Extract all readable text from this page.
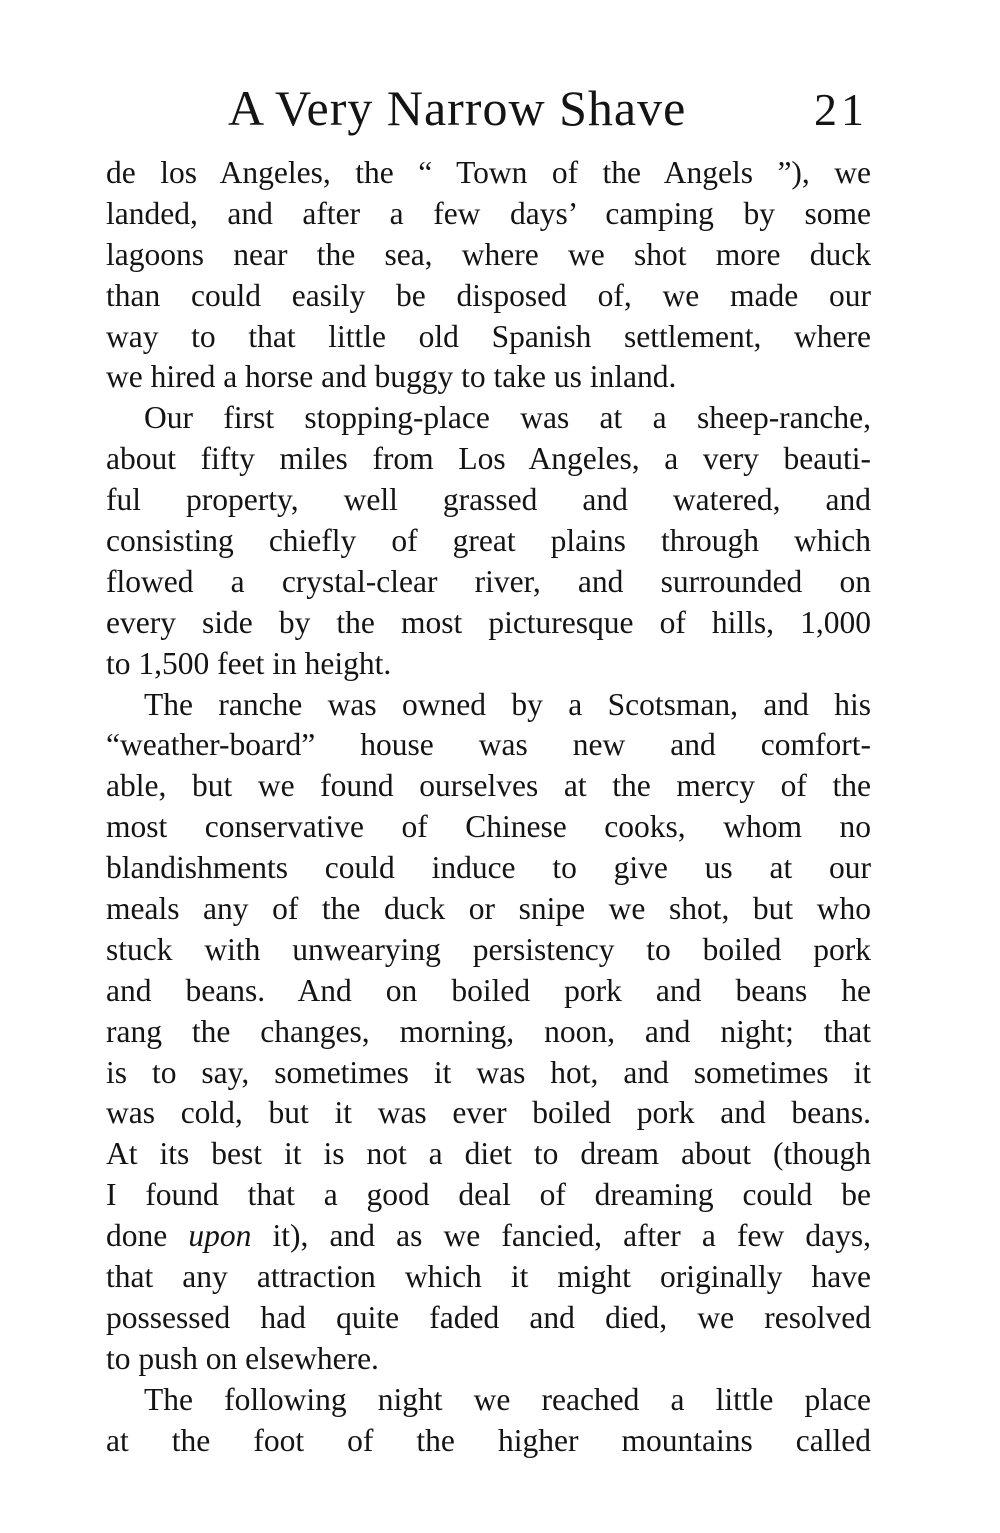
A Very Narrow Shave	21
de los Angeles, the “ Town of the Angels ”), we
landed, and after a few days’ camping by some
lagoons near the sea, where we shot more duck
than could easily be disposed of, we made our
way to that little old Spanish settlement, where
we hired a horse and buggy to take us inland.
Our first stopping-place was at a sheep-ranche,
about fifty miles from Los Angeles, a very beauti-
ful property, well grassed and watered, and
consisting chiefly of great plains through which
flowed a crystal-clear river, and surrounded on
every side by the most picturesque of hills, 1,000
to 1,500 feet in height.
The ranche was owned by a Scotsman, and his
“weather-board” house was new and comfort-
able, but we found ourselves at the mercy of the
most conservative of Chinese cooks, whom no
blandishments could induce to give us at our
meals any of the duck or snipe we shot, but who
stuck with unwearying persistency to boiled pork
and beans. And on boiled pork and beans he
rang the changes, morning, noon, and night; that
is to say, sometimes it was hot, and sometimes it
was cold, but it was ever boiled pork and beans.
At its best it is not a diet to dream about (though
I found that a good deal of dreaming could be
done upon it), and as we fancied, after a few days,
that any attraction which it might originally have
possessed had quite faded and died, we resolved
to push on elsewhere.
The following night we reached a little place
at the foot of the higher mountains called
